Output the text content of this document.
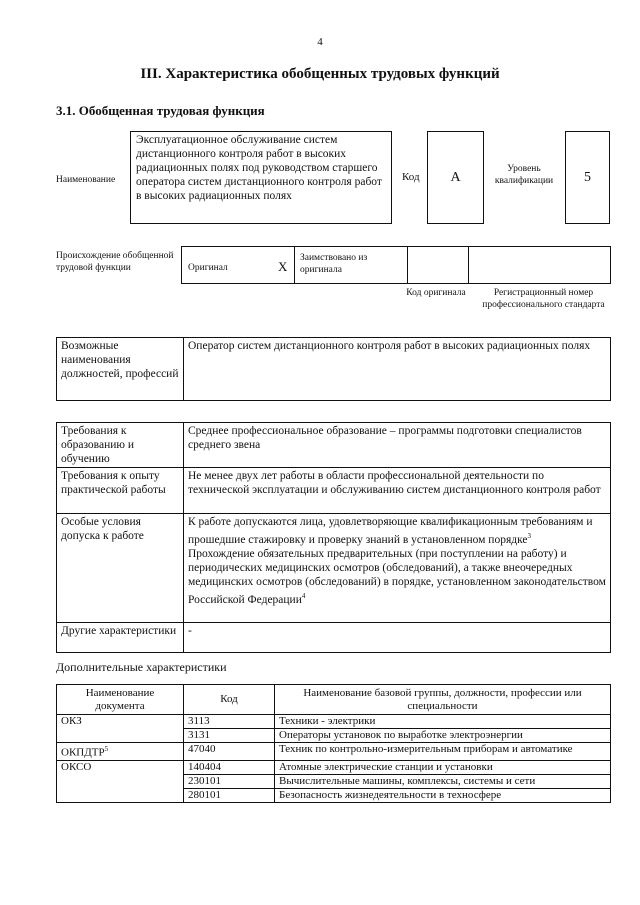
4
III. Характеристика обобщенных трудовых функций
3.1. Обобщенная трудовая функция
Наименование
Эксплуатационное обслуживание систем дистанционного контроля работ в высоких радиационных полях под руководством старшего оператора систем дистанционного контроля работ в высоких радиационных полях
Код	A
Уровень квалификации	5
Происхождение обобщенной трудовой функции	Оригинал	X
Заимствовано из оригинала
Код оригинала	Регистрационный номер профессионального стандарта
Возможные наименования должностей, профессий	Оператор систем дистанционного контроля работ в высоких радиационных полях
Требования к образованию и обучению	Среднее профессиональное образование – программы подготовки специалистов среднего звена
Требования к опыту практической работы	Не менее двух лет работы в области профессиональной деятельности по технической эксплуатации и обслуживанию систем дистанционного контроля работ
Особые условия допуска к работе	К работе допускаются лица, удовлетворяющие квалификационным требованиям и прошедшие стажировку и проверку знаний в установленном порядке$^3$
Прохождение обязательных предварительных (при поступлении на работу) и периодических медицинских осмотров (обследований), а также внеочередных медицинских осмотров (обследований) в порядке, установленном законодательством Российской Федерации$^4$
Другие характеристики	-
Дополнительные характеристики
Наименование документа	Код	Наименование базовой группы, должности, профессии или специальности
ОКЗ	3113	Техники - электрики
	3131	Операторы установок по выработке электроэнергии
ОКПДТР$^5$	47040	Техник по контрольно-измерительным приборам и автоматике
ОКСО	140404	Атомные электрические станции и установки
	230101	Вычислительные машины, комплексы, системы и сети
	280101	Безопасность жизнедеятельности в техносфере
